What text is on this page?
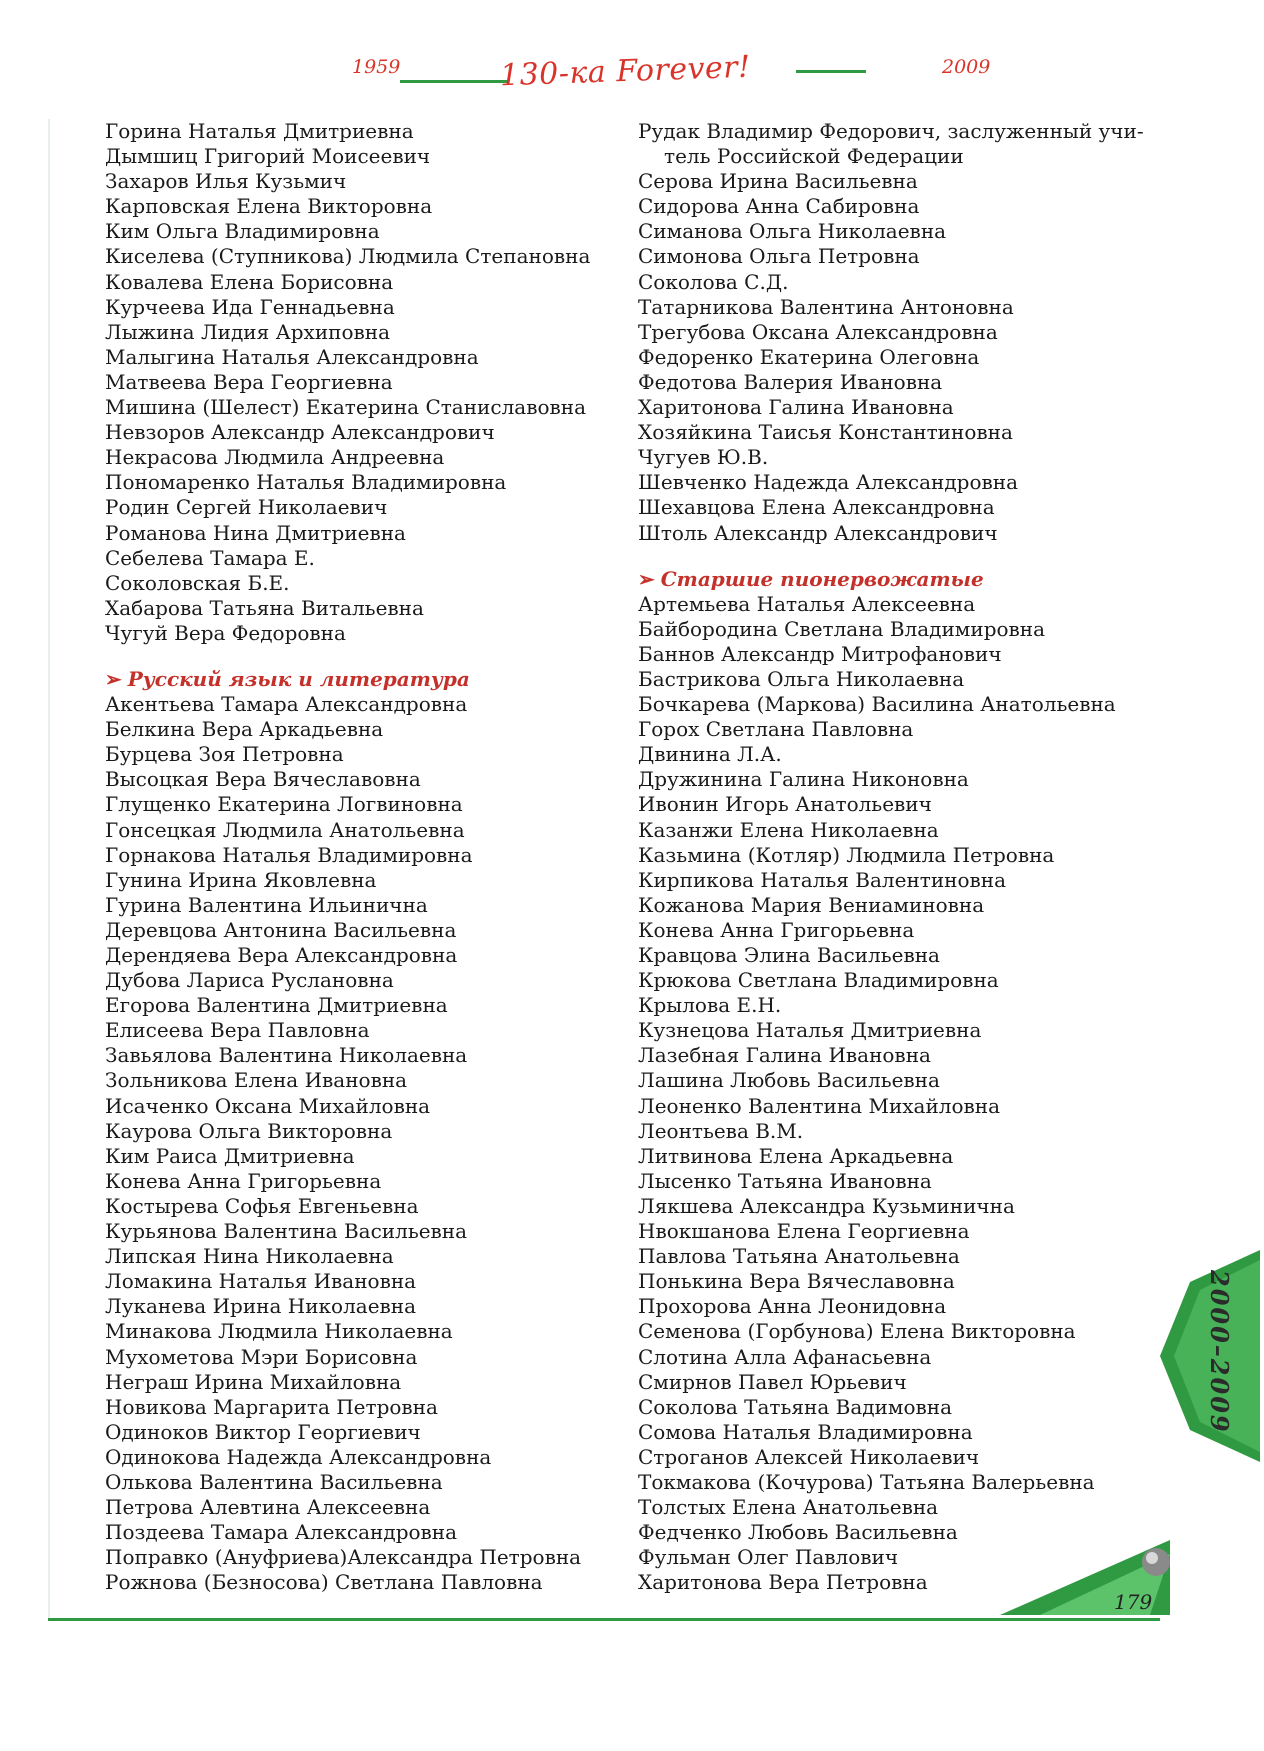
1959	2009
130-ка Forever!
Горина Наталья Дмитриевна
Дымшиц Григорий Моисеевич
Захаров Илья Кузьмич
Карповская Елена Викторовна
Ким Ольга Владимировна
Киселева (Ступникова) Людмила Степановна
Ковалева Елена Борисовна
Курчеева Ида Геннадьевна
Лыжина Лидия Архиповна
Малыгина Наталья Александровна
Матвеева Вера Георгиевна
Мишина (Шелест) Екатерина Станиславовна
Невзоров Александр Александрович
Некрасова Людмила Андреевна
Пономаренко Наталья Владимировна
Родин Сергей Николаевич
Романова Нина Дмитриевна
Себелева Тамара Е.
Соколовская Б.Е.
Хабарова Татьяна Витальевна
Чугуй Вера Федоровна
➢ Русский язык и литература
Акентьева Тамара Александровна
Белкина Вера Аркадьевна
Бурцева Зоя Петровна
Высоцкая Вера Вячеславовна
Глущенко Екатерина Логвиновна
Гонсецкая Людмила Анатольевна
Горнакова Наталья Владимировна
Гунина Ирина Яковлевна
Гурина Валентина Ильинична
Деревцова Антонина Васильевна
Дерендяева Вера Александровна
Дубова Лариса Руслановна
Егорова Валентина Дмитриевна
Елисеева Вера Павловна
Завьялова Валентина Николаевна
Зольникова Елена Ивановна
Исаченко Оксана Михайловна
Каурова Ольга Викторовна
Ким Раиса Дмитриевна
Конева Анна Григорьевна
Костырева Софья Евгеньевна
Курьянова Валентина Васильевна
Липская Нина Николаевна
Ломакина Наталья Ивановна
Луканева Ирина Николаевна
Минакова Людмила Николаевна
Мухометова Мэри Борисовна
Неграш Ирина Михайловна
Новикова Маргарита Петровна
Одиноков Виктор Георгиевич
Одинокова Надежда Александровна
Олькова Валентина Васильевна
Петрова Алевтина Алексеевна
Поздеева Тамара Александровна
Поправко (Ануфриева)Александра Петровна
Рожнова (Безносова) Светлана Павловна
Рудак Владимир Федорович, заслуженный учи-
тель Российской Федерации
Серова Ирина Васильевна
Сидорова Анна Сабировна
Симанова Ольга Николаевна
Симонова Ольга Петровна
Соколова С.Д.
Татарникова Валентина Антоновна
Трегубова Оксана Александровна
Федоренко Екатерина Олеговна
Федотова Валерия Ивановна
Харитонова Галина Ивановна
Хозяйкина Таисья Константиновна
Чугуев Ю.В.
Шевченко Надежда Александровна
Шехавцова Елена Александровна
Штоль Александр Александрович
➢ Старшие пионервожатые
Артемьева Наталья Алексеевна
Байбородина Светлана Владимировна
Баннов Александр Митрофанович
Бастрикова Ольга Николаевна
Бочкарева (Маркова) Василина Анатольевна
Горох Светлана Павловна
Двинина Л.А.
Дружинина Галина Никоновна
Ивонин Игорь Анатольевич
Казанжи Елена Николаевна
Казьмина (Котляр) Людмила Петровна
Кирпикова Наталья Валентиновна
Кожанова Мария Вениаминовна
Конева Анна Григорьевна
Кравцова Элина Васильевна
Крюкова Светлана Владимировна
Крылова Е.Н.
Кузнецова Наталья Дмитриевна
Лазебная Галина Ивановна
Лашина Любовь Васильевна
Леоненко Валентина Михайловна
Леонтьева В.М.
Литвинова Елена Аркадьевна
Лысенко Татьяна Ивановна
Лякшева Александра Кузьминична
Нвокшанова Елена Георгиевна
Павлова Татьяна Анатольевна
Понькина Вера Вячеславовна
Прохорова Анна Леонидовна
Семенова (Горбунова) Елена Викторовна
Слотина Алла Афанасьевна
Смирнов Павел Юрьевич
Соколова Татьяна Вадимовна
Сомова Наталья Владимировна
Строганов Алексей Николаевич
Токмакова (Кочурова) Татьяна Валерьевна
Толстых Елена Анатольевна
Федченко Любовь Васильевна
Фульман Олег Павлович
Харитонова Вера Петровна
2000–2009
179
